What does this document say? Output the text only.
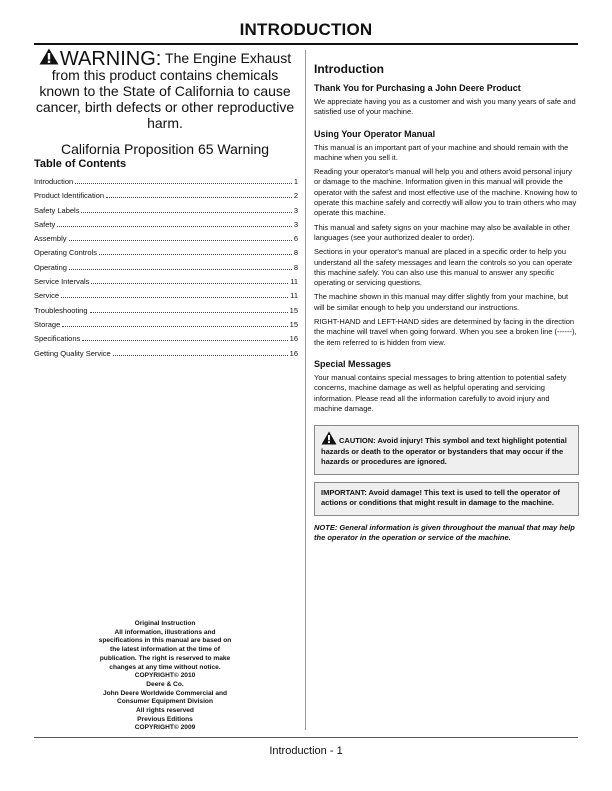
INTRODUCTION
WARNING: The Engine Exhaust
from this product contains chemicals known to the State of California to cause cancer, birth defects or other reproductive harm.
California Proposition 65 Warning
Table of Contents
Introduction	1
Product Identification	2
Safety Labels	3
Safety	3
Assembly	6
Operating Controls	8
Operating	8
Service Intervals	11
Service	11
Troubleshooting	15
Storage	15
Specifications	16
Getting Quality Service	16
Original Instruction
All information, illustrations and
specifications in this manual are based on
the latest information at the time of
publication. The right is reserved to make
changes at any time without notice.
COPYRIGHT© 2010
Deere & Co.
John Deere Worldwide Commercial and
Consumer Equipment Division
All rights reserved
Previous Editions
COPYRIGHT© 2009
Introduction
Thank You for Purchasing a John Deere Product
We appreciate having you as a customer and wish you many years of safe and satisfied use of your machine.
Using Your Operator Manual
This manual is an important part of your machine and should remain with the machine when you sell it.
Reading your operator's manual will help you and others avoid personal injury or damage to the machine. Information given in this manual will provide the operator with the safest and most effective use of the machine. Knowing how to operate this machine safely and correctly will allow you to train others who may operate this machine.
This manual and safety signs on your machine may also be available in other languages (see your authorized dealer to order).
Sections in your operator's manual are placed in a specific order to help you understand all the safety messages and learn the controls so you can operate this machine safely. You can also use this manual to answer any specific operating or servicing questions.
The machine shown in this manual may differ slightly from your machine, but will be similar enough to help you understand our instructions.
RIGHT-HAND and LEFT-HAND sides are determined by facing in the direction the machine will travel when going forward. When you see a broken line (------), the item referred to is hidden from view.
Special Messages
Your manual contains special messages to bring attention to potential safety concerns, machine damage as well as helpful operating and servicing information. Please read all the information carefully to avoid injury and machine damage.
CAUTION: Avoid injury! This symbol and text highlight potential hazards or death to the operator or bystanders that may occur if the hazards or procedures are ignored.
IMPORTANT: Avoid damage! This text is used to tell the operator of actions or conditions that might result in damage to the machine.
NOTE: General information is given throughout the manual that may help the operator in the operation or service of the machine.
Introduction - 1
